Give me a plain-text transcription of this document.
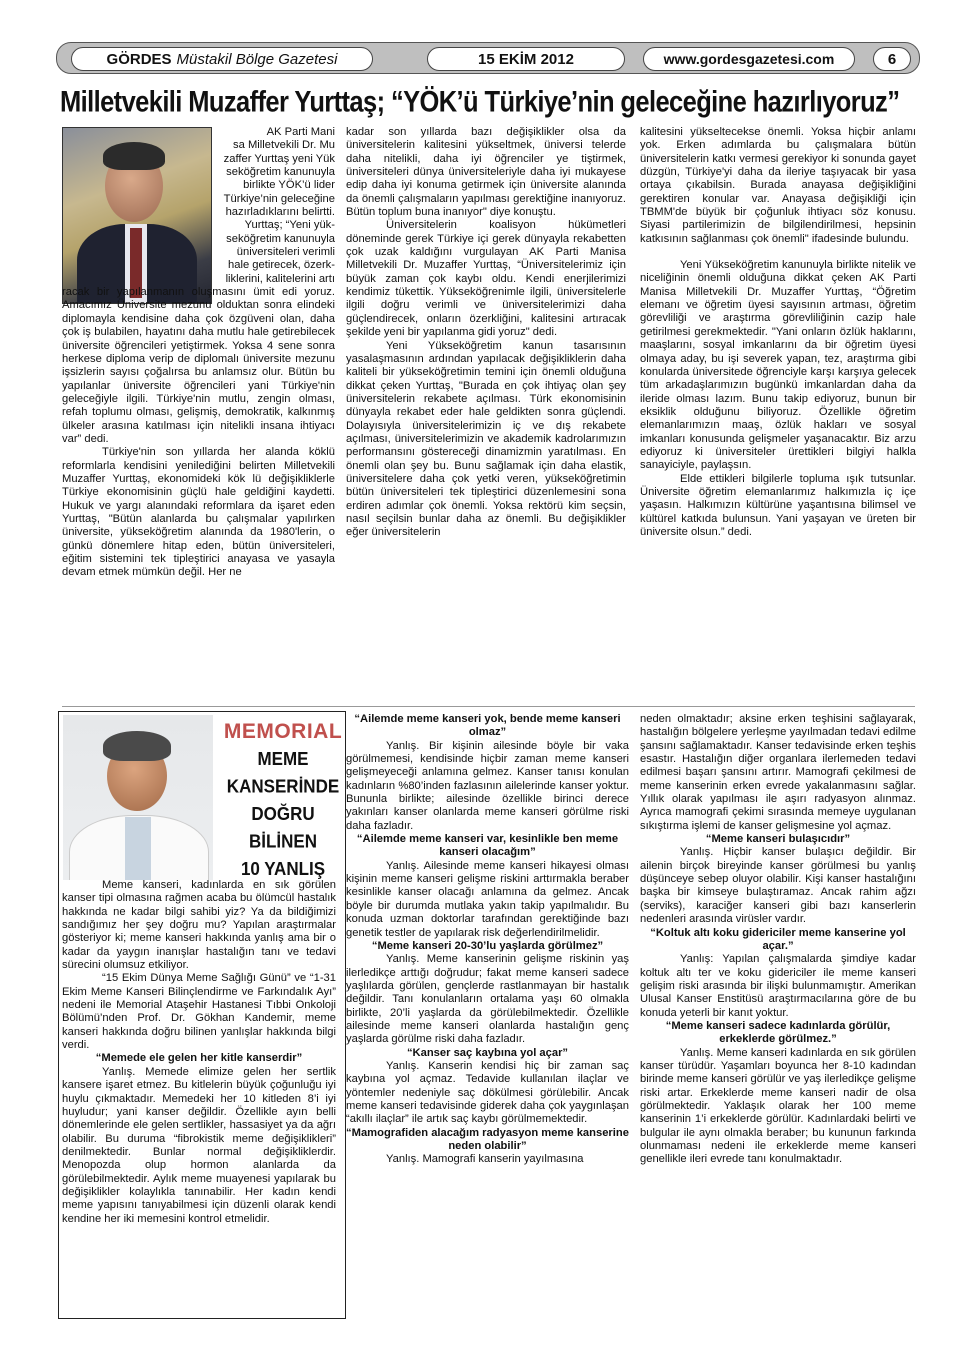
GÖRDES Müstakil Bölge Gazetesi	15 EKİM 2012	www.gordesgazetesi.com	6
Milletvekili Muzaffer Yurttaş; “YÖK’ü Türkiye’nin geleceğine hazırlıyoruz”
AK Parti Mani
sa Milletvekili Dr. Mu
zaffer Yurttaş yeni Yük
seköğretim kanunuyla
birlikte YÖK’ü lider
Türkiye’nin geleceğine
hazırladıklarını belirtti.
Yurttaş; “Yeni yük-
seköğretim kanunuyla
üniversiteleri verimli
hale getirecek, özerk-
liklerini, kalitelerini artı

racak bir yapılanmanın oluşmasını ümit edi yoruz. Amacımız Üniversite mezunu olduktan sonra elindeki diplomayla kendisine daha çok özgüveni olan, daha çok iş bulabilen, hayatını daha mutlu hale getirebilecek üniversite öğrencileri yetiştirmek. Yoksa 4 sene sonra herkese diploma verip de diplomalı üniversite mezunu işsizlerin sayısı çoğalırsa bu anlamsız olur. Bütün bu yapılanlar üniversite öğrencileri yani Türkiye'nin geleceğiyle ilgili. Türkiye'nin mutlu, zengin olması, refah toplumu olması, gelişmiş, demokratik, kalkınmış ülkeler arasına katılması için nitelikli insana ihtiyacı var” dedi.

Türkiye'nin son yıllarda her alanda köklü reformlarla kendisini yenilediğini belirten Milletvekili Muzaffer Yurttaş, ekonomideki kök lü değişikliklerle Türkiye ekonomisinin güçlü hale geldiğini kaydetti. Hukuk ve yargı alanındaki reformlara da işaret eden Yurttaş, "Bütün alanlarda bu çalışmalar yapılırken üniversite, yükseköğretim alanında da 1980'lerin, o günkü dönemlere hitap eden, bütün üniversiteleri, eğitim sistemini tek tipleştirici anayasa ve yasayla devam etmek mümkün değil. Her ne

kadar son yıllarda bazı değişiklikler olsa da üniversitelerin kalitesini yükseltmek, üniversi telerde daha nitelikli, daha iyi öğrenciler ye tiştirmek, üniversiteleri dünya üniversiteleriyle daha iyi mukayese edip daha iyi konuma getirmek için üniversite alanında da önemli çalışmaların yapılması gerektiğine inanıyoruz. Bütün toplum buna inanıyor" diye konuştu.

Üniversitelerin koalisyon hükümetleri döneminde gerek Türkiye içi gerek dünyayla rekabetten çok uzak kaldığını vurgulayan AK Parti Manisa Milletvekili Dr. Muzaffer Yurttaş, “Üniversitelerimiz için büyük zaman çok kaybı oldu. Kendi enerjilerimizi kendimiz tükettik. Yükseköğrenimle ilgili, üniversitelerle ilgili doğru verimli ve üniversitelerimizi daha güçlendirecek, onların özerkliğini, kalitesini artıracak şekilde yeni bir yapılanma gidi yoruz" dedi.

Yeni Yükseköğretim kanun tasarısının yasalaşmasının ardından yapılacak değişikliklerin daha kaliteli bir yükseköğretimin temini için önemli olduğuna dikkat çeken Yurttaş, "Burada en çok ihtiyaç olan şey üniversitelerin rekabete açılması. Türk ekonomisinin dünyayla rekabet eder hale geldikten sonra güçlendi. Dolayısıyla üniversitelerimizin iç ve dış rekabete açılması, üniversitelerimizin ve akademik kadrolarımızın performansını göstereceği dinamizmin yaratılması. En önemli olan şey bu. Bunu sağlamak için daha elastik, üniversitelere daha çok yetki veren, yükseköğretimin bütün üniversiteleri tek tipleştirici düzenlemesini sona erdiren adımlar çok önemli. Yoksa rektörü kim seçsin, nasıl seçilsin bunlar daha az önemli. Bu değişiklikler eğer üniversitelerin

kalitesini yükseltecekse önemli. Yoksa hiçbir anlamı yok. Erken adımlarda bu çalışmalara bütün üniversitelerin katkı vermesi gerekiyor ki sonunda gayet düzgün, Türkiye'yi daha da ileriye taşıyacak bir yasa ortaya çıkabilsin. Burada anayasa değişikliğini gerektiren konular var. Anayasa değişikliği için TBMM'de büyük bir çoğunluk ihtiyacı söz konusu. Siyasi partilerimizin de bilgilendirilmesi, hepsinin katkısının sağlanması çok önemli" ifadesinde bulundu.

Yeni Yükseköğretim kanunuyla birlikte nitelik ve niceliğinin önemli olduğuna dikkat çeken AK Parti Manisa Milletvekili Dr. Muzaffer Yurttaş, “Öğretim elemanı ve öğretim üyesi sayısının artması, öğretim görevliliği ve araştırma görevliliğinin cazip hale getirilmesi gerekmektedir. "Yani onların özlük haklarını, maaşlarını, sosyal imkanlarını da bir öğretim üyesi olmaya aday, bu işi severek yapan, tez, araştırma gibi konularda üniversitede öğrenciyle karşı karşıya gelecek tüm arkadaşlarımızın bugünkü imkanlardan daha da ileride olması lazım. Bunu takip ediyoruz, bunun bir eksiklik olduğunu biliyoruz. Özellikle öğretim elemanlarımızın maaş, özlük hakları ve sosyal imkanları konusunda gelişmeler yaşanacaktır. Biz arzu ediyoruz ki üniversiteler ürettikleri bilgiyi halkla sanayiciyle, paylaşsın.

Elde ettikleri bilgilerle topluma ışık tutsunlar. Üniversite öğretim elemanlarımız halkımızla iç içe yaşasın. Halkımızın kültürüne yaşantısına bilimsel ve kültürel katkıda bulunsun. Yani yaşayan ve üreten bir üniversite olsun.” dedi.

MEMORIAL
MEME
KANSERİNDE
DOĞRU
BİLİNEN
10 YANLIŞ

Meme kanseri, kadınlarda en sık görülen kanser tipi olmasına rağmen acaba bu ölümcül hastalık hakkında ne kadar bilgi sahibi yiz? Ya da bildiğimizi sandığımız her şey doğru mu? Yapılan araştırmalar gösteriyor ki; meme kanseri hakkında yanlış ama bir o kadar da yaygın inanışlar hastalığın tanı ve tedavi sürecini olumsuz etkiliyor.

“15 Ekim Dünya Meme Sağlığı Günü” ve “1-31 Ekim Meme Kanseri Bilinçlendirme ve Farkındalık Ayı” nedeni ile Memorial Ataşehir Hastanesi Tıbbi Onkoloji Bölümü’nden Prof. Dr. Gökhan Kandemir, meme kanseri hakkında doğru bilinen yanlışlar hakkında bilgi verdi.

“Memede ele gelen her kitle kanserdir”

Yanlış. Memede elimize gelen her sertlik kansere işaret etmez. Bu kitlelerin büyük çoğunluğu iyi huylu çıkmaktadır. Memedeki her 10 kitleden 8’i iyi huyludur; yani kanser değildir. Özellikle ayın belli dönemlerinde ele gelen sertlikler, hassasiyet ya da ağrı olabilir. Bu duruma “fibrokistik meme değişiklikleri” denilmektedir. Bunlar normal değişikliklerdir. Menopozda olup hormon alanlarda da görülebilmektedir. Aylık meme muayenesi yapılarak bu değişiklikler kolaylıkla tanınabilir. Her kadın kendi meme yapısını tanıyabilmesi için düzenli olarak kendi kendine her iki memesini kontrol etmelidir.

“Ailemde meme kanseri yok, bende meme kanseri olmaz”

Yanlış. Bir kişinin ailesinde böyle bir vaka görülmemesi, kendisinde hiçbir zaman meme kanseri gelişmeyeceği anlamına gelmez. Kanser tanısı konulan kadınların %80’inden fazlasının ailelerinde kanser yoktur. Bununla birlikte; ailesinde özellikle birinci derece yakınları kanser olanlarda meme kanseri görülme riski daha fazladır.

“Ailemde meme kanseri var, kesinlikle ben meme kanseri olacağım”

Yanlış. Ailesinde meme kanseri hikayesi olması kişinin meme kanseri gelişme riskini arttırmakla beraber kesinlikle kanser olacağı anlamına da gelmez. Ancak böyle bir durumda mutlaka yakın takip yapılmalıdır. Bu konuda uzman doktorlar tarafından gerektiğinde bazı genetik testler de yapılarak risk değerlendirilmelidir.

“Meme kanseri 20-30’lu yaşlarda görülmez”

Yanlış. Meme kanserinin gelişme riskinin yaş ilerledikçe arttığı doğrudur; fakat meme kanseri sadece yaşlılarda görülen, gençlerde rastlanmayan bir hastalık değildir. Tanı konulanların ortalama yaşı 60 olmakla birlikte, 20’li yaşlarda da görülebilmektedir. Özellikle ailesinde meme kanseri olanlarda hastalığın genç yaşlarda görülme riski daha fazladır.

“Kanser saç kaybına yol açar”

Yanlış. Kanserin kendisi hiç bir zaman saç kaybına yol açmaz. Tedavide kullanılan ilaçlar ve yöntemler nedeniyle saç dökülmesi görülebilir. Ancak meme kanseri tedavisinde giderek daha çok yaygınlaşan “akıllı ilaçlar” ile artık saç kaybı görülmemektedir.

“Mamografiden alacağım radyasyon meme kanserine neden olabilir”

Yanlış. Mamografi kanserin yayılmasına

neden olmaktadır; aksine erken teşhisini sağlayarak, hastalığın bölgelere yerleşme yayılmadan tedavi edilme şansını sağlamaktadır. Kanser tedavisinde erken teşhis esastır. Hastalığın diğer organlara ilerlemeden tedavi edilmesi başarı şansını artırır. Mamografi çekilmesi de meme kanserinin erken evrede yakalanmasını sağlar. Yıllık olarak yapılması ile aşırı radyasyon alınmaz. Ayrıca mamografi çekimi sırasında memeye uygulanan sıkıştırma işlemi de kanser gelişmesine yol açmaz.

“Meme kanseri bulaşıcıdır”

Yanlış. Hiçbir kanser bulaşıcı değildir. Bir ailenin birçok bireyinde kanser görülmesi bu yanlış düşünceye sebep oluyor olabilir. Kişi kanser hastalığını başka bir kimseye bulaştıramaz. Ancak rahim ağzı (serviks), karaciğer kanseri gibi bazı kanserlerin nedenleri arasında virüsler vardır.

“Koltuk altı koku gidericiler meme kanserine yol açar.”

Yanlış: Yapılan çalışmalarda şimdiye kadar koltuk altı ter ve koku gidericiler ile meme kanseri gelişim riski arasında bir ilişki bulunmamıştır. Amerikan Ulusal Kanser Enstitüsü araştırmacılarına göre de bu konuda yeterli bir kanıt yoktur.

“Meme kanseri sadece kadınlarda görülür, erkeklerde görülmez.”

Yanlış. Meme kanseri kadınlarda en sık görülen kanser türüdür. Yaşamları boyunca her 8-10 kadından birinde meme kanseri görülür ve yaş ilerledikçe gelişme riski artar. Erkeklerde meme kanseri nadir de olsa görülmektedir. Yaklaşık olarak her 100 meme kanserinin 1’i erkeklerde görülür. Kadınlardaki belirti ve bulgular ile aynı olmakla beraber; bu kununun farkında olunmaması nedeni ile erkeklerde meme kanseri genellikle ileri evrede tanı konulmaktadır.
